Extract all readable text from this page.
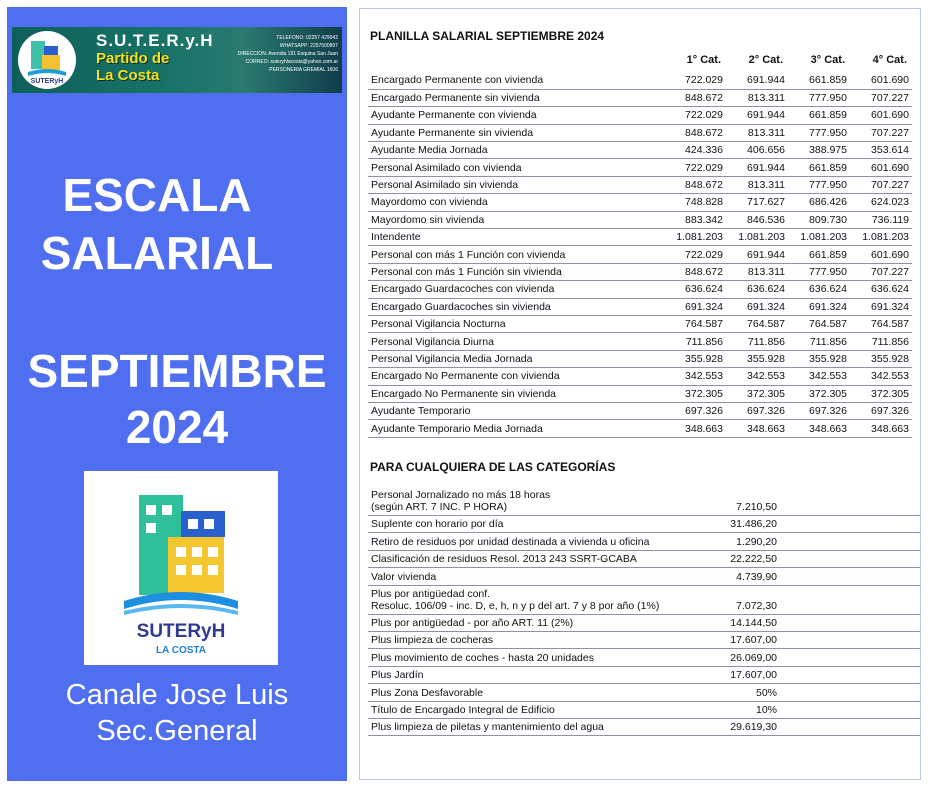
SUTERyH
S.U.T.E.R.y.H
Partido de
La Costa
TELEFONO: 02257 429042
WHATSAPP: 2257500897
DIRECCION: Avenida 191 Esquina San Juan
CORREO: suteryhlacosta@yahoo.com.ar
PERSONERIA GREMIAL 1606
ESCALA
SALARIAL
SEPTIEMBRE
2024
SUTERyH
LA COSTA
Canale Jose Luis
Sec.General
PLANILLA SALARIAL SEPTIEMBRE 2024
1° Cat.	2° Cat.	3° Cat.	4° Cat.
Encargado Permanente con vivienda	722.029	691.944	661.859	601.690
Encargado Permanente sin vivienda	848.672	813.311	777.950	707.227
Ayudante Permanente con vivienda	722.029	691.944	661.859	601.690
Ayudante Permanente sin vivienda	848.672	813.311	777.950	707.227
Ayudante Media Jornada	424.336	406.656	388.975	353.614
Personal Asimilado con vivienda	722.029	691.944	661.859	601.690
Personal Asimilado sin vivienda	848.672	813.311	777.950	707.227
Mayordomo con vivienda	748.828	717.627	686.426	624.023
Mayordomo sin vivienda	883.342	846.536	809.730	736.119
Intendente	1.081.203	1.081.203	1.081.203	1.081.203
Personal con más 1 Función con vivienda	722.029	691.944	661.859	601.690
Personal con más 1 Función sin vivienda	848.672	813.311	777.950	707.227
Encargado Guardacoches con vivienda	636.624	636.624	636.624	636.624
Encargado Guardacoches sin vivienda	691.324	691.324	691.324	691.324
Personal Vigilancia Nocturna	764.587	764.587	764.587	764.587
Personal Vigilancia Diurna	711.856	711.856	711.856	711.856
Personal Vigilancia Media Jornada	355.928	355.928	355.928	355.928
Encargado No Permanente con vivienda	342.553	342.553	342.553	342.553
Encargado No Permanente sin vivienda	372.305	372.305	372.305	372.305
Ayudante Temporario	697.326	697.326	697.326	697.326
Ayudante Temporario Media Jornada	348.663	348.663	348.663	348.663
PARA CUALQUIERA DE LAS CATEGORÍAS
Personal Jornalizado no más 18 horas
(según ART. 7 INC. P HORA)	7.210,50	

Suplente con horario por día	31.486,20	

Retiro de residuos por unidad destinada a vivienda u oficina	1.290,20	

Clasificación de residuos Resol. 2013 243 SSRT-GCABA	22.222,50	

Valor vivienda	4.739,90	

Plus por antigüedad conf.
Resoluc. 106/09 - inc. D, e, h, n y p del art. 7 y 8 por año (1%)	7.072,30	

Plus por antigüedad - por año ART. 11 (2%)	14.144,50	

Plus limpieza de cocheras	17.607,00	

Plus movimiento de coches - hasta 20 unidades	26.069,00	

Plus Jardín	17.607,00	

Plus Zona Desfavorable	50%	

Título de Encargado Integral de Edificio	10%	

Plus limpieza de piletas y mantenimiento del agua	29.619,30	
